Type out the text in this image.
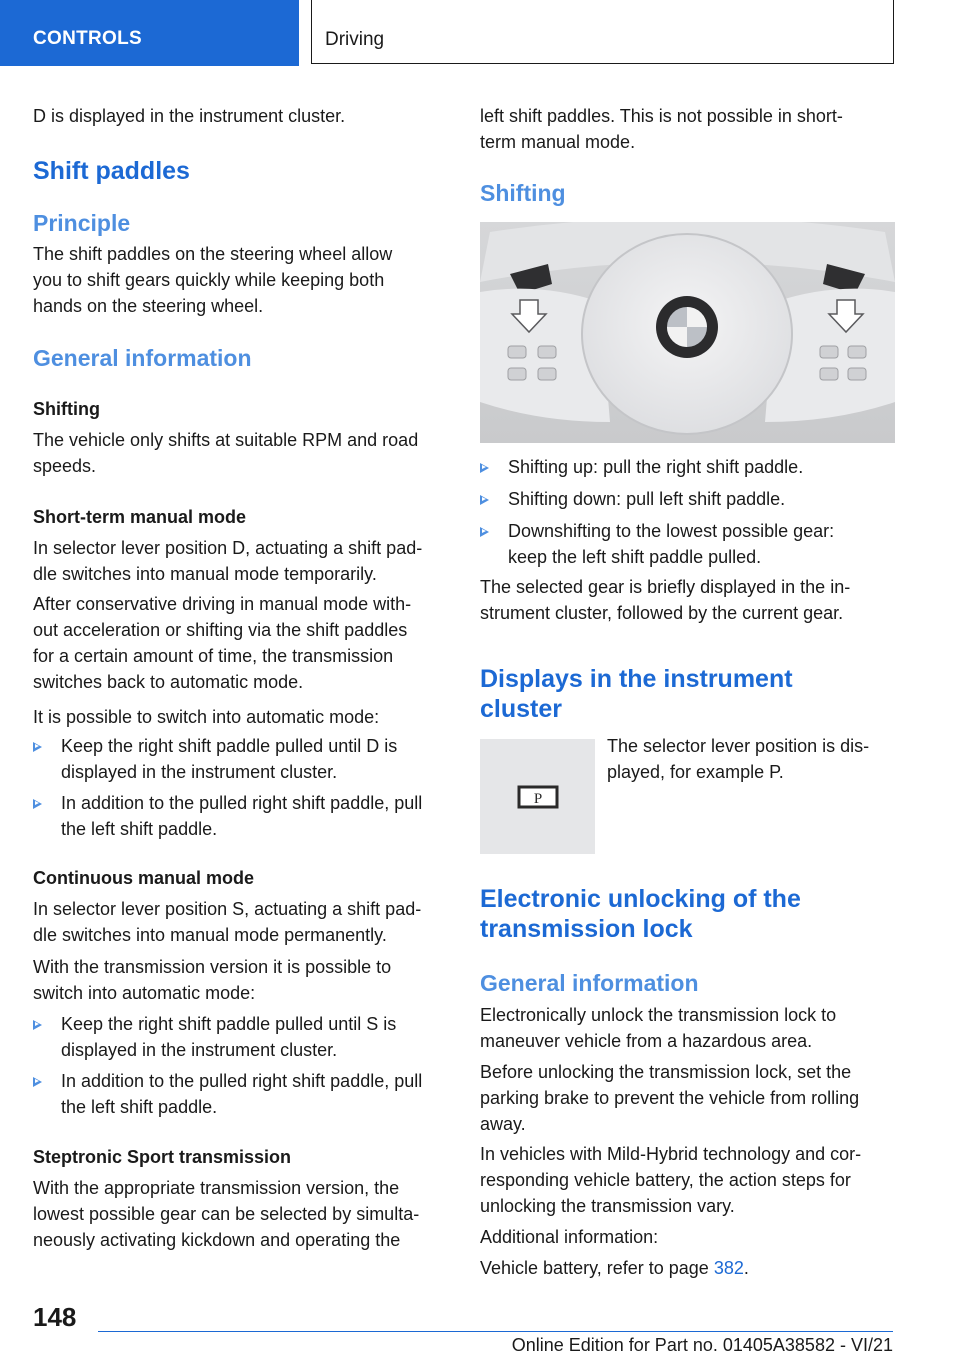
CONTROLS	Driving

D is displayed in the instrument cluster.

Shift paddles
Principle

The shift paddles on the steering wheel allow

you to shift gears quickly while keeping both

hands on the steering wheel.

General information
Shifting

The vehicle only shifts at suitable RPM and road

speeds.

Short-term manual mode

In selector lever position D, actuating a shift pad‐

dle switches into manual mode temporarily.

After conservative driving in manual mode with‐

out acceleration or shifting via the shift paddles

for a certain amount of time, the transmission

switches back to automatic mode.

It is possible to switch into automatic mode:

Keep the right shift paddle pulled until D is
displayed in the instrument cluster.
In addition to the pulled right shift paddle, pull
the left shift paddle.
Continuous manual mode

In selector lever position S, actuating a shift pad‐

dle switches into manual mode permanently.

With the transmission version it is possible to

switch into automatic mode:

Keep the right shift paddle pulled until S is
displayed in the instrument cluster.
In addition to the pulled right shift paddle, pull
the left shift paddle.
Steptronic Sport transmission

With the appropriate transmission version, the

lowest possible gear can be selected by simulta‐

neously activating kickdown and operating the

left shift paddles. This is not possible in short-

term manual mode.

Shifting
Shifting up: pull the right shift paddle.
Shifting down: pull left shift paddle.
Downshifting to the lowest possible gear:
keep the left shift paddle pulled.

The selected gear is briefly displayed in the in‐

strument cluster, followed by the current gear.

Displays in the instrument
cluster
P

The selector lever position is dis‐

played, for example P.

Electronic unlocking of the
transmission lock
General information

Electronically unlock the transmission lock to

maneuver vehicle from a hazardous area.

Before unlocking the transmission lock, set the

parking brake to prevent the vehicle from rolling

away.

In vehicles with Mild-Hybrid technology and cor‐

responding vehicle battery, the action steps for

unlocking the transmission vary.

Additional information:

Vehicle battery, refer to page 382.

148
Online Edition for Part no. 01405A38582 - VI/21
